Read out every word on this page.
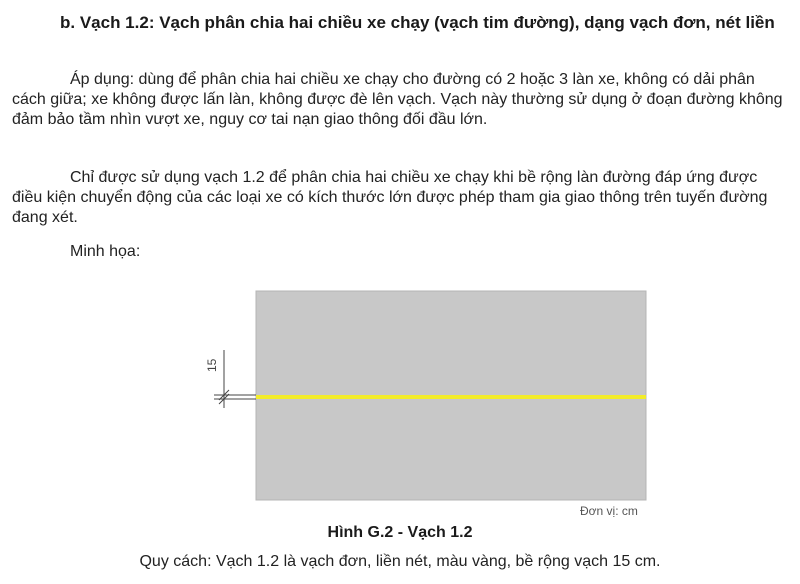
b. Vạch 1.2: Vạch phân chia hai chiều xe chạy (vạch tim đường), dạng vạch đơn, nét liền

Áp dụng: dùng để phân chia hai chiều xe chạy cho đường có 2 hoặc 3 làn xe, không có dải phân cách giữa; xe không được lấn làn, không được đè lên vạch. Vạch này thường sử dụng ở đoạn đường không đảm bảo tầm nhìn vượt xe, nguy cơ tai nạn giao thông đối đầu lớn.

Chỉ được sử dụng vạch 1.2 để phân chia hai chiều xe chạy khi bề rộng làn đường đáp ứng được điều kiện chuyển động của các loại xe có kích thước lớn được phép tham gia giao thông trên tuyến đường đang xét.

Minh họa:

15
Đơn vị: cm
Hình G.2 - Vạch 1.2
Quy cách: Vạch 1.2 là vạch đơn, liền nét, màu vàng, bề rộng vạch 15 cm.
